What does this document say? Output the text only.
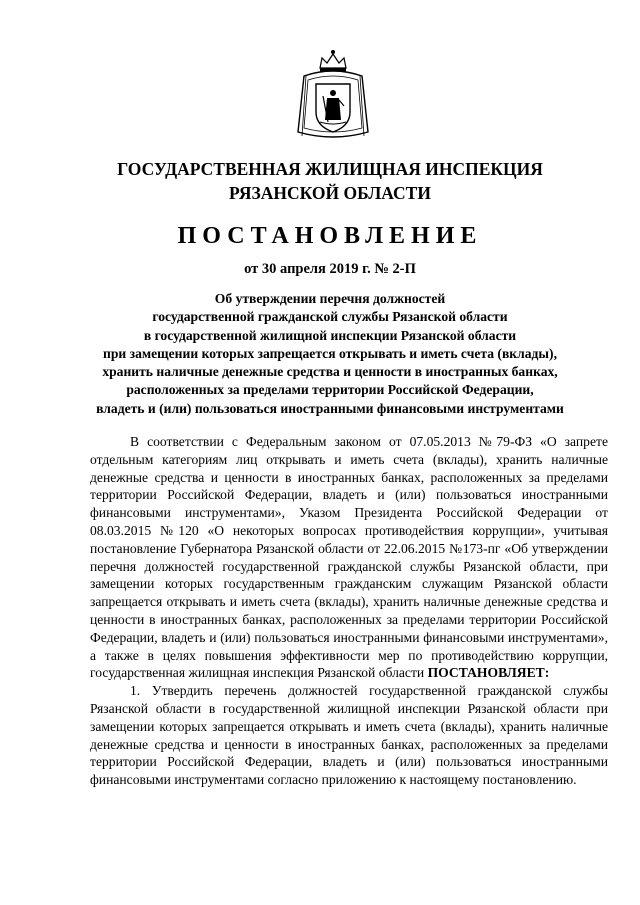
ГОСУДАРСТВЕННАЯ ЖИЛИЩНАЯ ИНСПЕКЦИЯ
РЯЗАНСКОЙ ОБЛАСТИ
ПОСТАНОВЛЕНИЕ
от 30 апреля 2019 г. № 2-П
Об утверждении перечня должностей
государственной гражданской службы Рязанской области
в государственной жилищной инспекции Рязанской области
при замещении которых запрещается открывать и иметь счета (вклады),
хранить наличные денежные средства и ценности в иностранных банках,
расположенных за пределами территории Российской Федерации,
владеть и (или) пользоваться иностранными финансовыми инструментами

В соответствии с Федеральным законом от 07.05.2013 №79-ФЗ «О запрете отдельным категориям лиц открывать и иметь счета (вклады), хранить наличные денежные средства и ценности в иностранных банках, расположенных за пределами территории Российской Федерации, владеть и (или) пользоваться иностранными финансовыми инструментами», Указом Президента Российской Федерации от 08.03.2015 №120 «О некоторых вопросах противодействия коррупции», учитывая постановление Губернатора Рязанской области от 22.06.2015 №173-пг «Об утверждении перечня должностей государственной гражданской службы Рязанской области, при замещении которых государственным гражданским служащим Рязанской области запрещается открывать и иметь счета (вклады), хранить наличные денежные средства и ценности в иностранных банках, расположенных за пределами территории Российской Федерации, владеть и (или) пользоваться иностранными финансовыми инструментами», а также в целях повышения эффективности мер по противодействию коррупции, государственная жилищная инспекция Рязанской области ПОСТАНОВЛЯЕТ:

1. Утвердить перечень должностей государственной гражданской службы Рязанской области в государственной жилищной инспекции Рязанской области при замещении которых запрещается открывать и иметь счета (вклады), хранить наличные денежные средства и ценности в иностранных банках, расположенных за пределами территории Российской Федерации, владеть и (или) пользоваться иностранными финансовыми инструментами согласно приложению к настоящему постановлению.
